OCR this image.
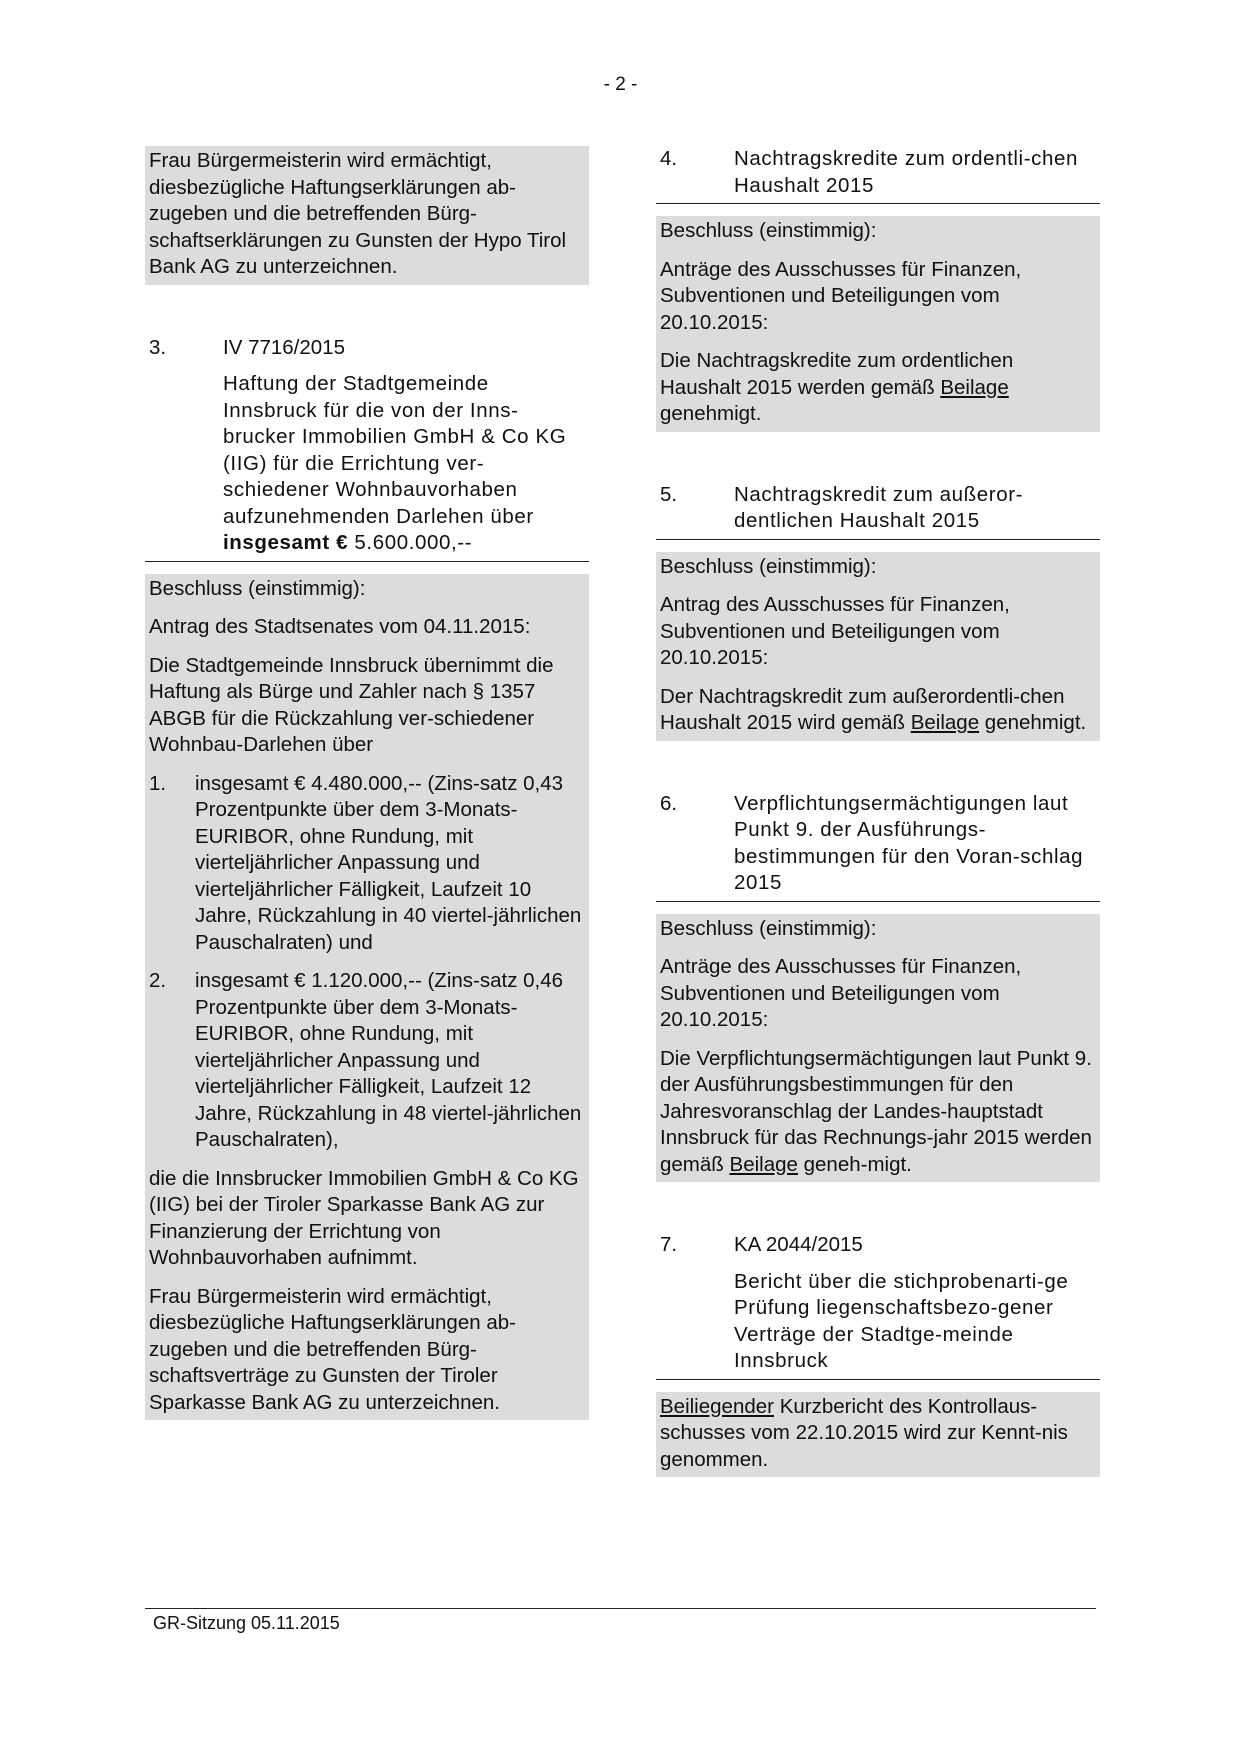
- 2 -

Frau Bürgermeisterin wird ermächtigt, diesbezügliche Haftungserklärungen ab-zugeben und die betreffenden Bürg-schaftserklärungen zu Gunsten der Hypo Tirol Bank AG zu unterzeichnen.

3.	IV 7716/2015
Haftung der Stadtgemeinde Innsbruck für die von der Inns-brucker Immobilien GmbH & Co KG (IIG) für die Errichtung ver-schiedener Wohnbauvorhaben aufzunehmenden Darlehen über insgesamt € 5.600.000,--

Beschluss (einstimmig):

Antrag des Stadtsenates vom 04.11.2015:

Die Stadtgemeinde Innsbruck übernimmt die Haftung als Bürge und Zahler nach § 1357 ABGB für die Rückzahlung ver-schiedener Wohnbau-Darlehen über

1.	insgesamt € 4.480.000,-- (Zins-satz 0,43 Prozentpunkte über dem 3-Monats-EURIBOR, ohne Rundung, mit vierteljährlicher Anpassung und vierteljährlicher Fälligkeit, Laufzeit 10 Jahre, Rückzahlung in 40 viertel-jährlichen Pauschalraten) und
2.	insgesamt € 1.120.000,-- (Zins-satz 0,46 Prozentpunkte über dem 3-Monats-EURIBOR, ohne Rundung, mit vierteljährlicher Anpassung und vierteljährlicher Fälligkeit, Laufzeit 12 Jahre, Rückzahlung in 48 viertel-jährlichen Pauschalraten),

die die Innsbrucker Immobilien GmbH & Co KG (IIG) bei der Tiroler Sparkasse Bank AG zur Finanzierung der Errichtung von Wohnbauvorhaben aufnimmt.

Frau Bürgermeisterin wird ermächtigt, diesbezügliche Haftungserklärungen ab-zugeben und die betreffenden Bürg-schaftsverträge zu Gunsten der Tiroler Sparkasse Bank AG zu unterzeichnen.

4.	Nachtragskredite zum ordentli-chen Haushalt 2015

Beschluss (einstimmig):

Anträge des Ausschusses für Finanzen, Subventionen und Beteiligungen vom 20.10.2015:

Die Nachtragskredite zum ordentlichen Haushalt 2015 werden gemäß Beilage genehmigt.

5.	Nachtragskredit zum außeror-dentlichen Haushalt 2015

Beschluss (einstimmig):

Antrag des Ausschusses für Finanzen, Subventionen und Beteiligungen vom 20.10.2015:

Der Nachtragskredit zum außerordentli-chen Haushalt 2015 wird gemäß Beilage genehmigt.

6.	Verpflichtungsermächtigungen laut Punkt 9. der Ausführungs-bestimmungen für den Voran-schlag 2015

Beschluss (einstimmig):

Anträge des Ausschusses für Finanzen, Subventionen und Beteiligungen vom 20.10.2015:

Die Verpflichtungsermächtigungen laut Punkt 9. der Ausführungsbestimmungen für den Jahresvoranschlag der Landes-hauptstadt Innsbruck für das Rechnungs-jahr 2015 werden gemäß Beilage geneh-migt.

7.	KA 2044/2015
Bericht über die stichprobenarti-ge Prüfung liegenschaftsbezo-gener Verträge der Stadtge-meinde Innsbruck

Beiliegender Kurzbericht des Kontrollaus-schusses vom 22.10.2015 wird zur Kennt-nis genommen.

GR-Sitzung 05.11.2015
